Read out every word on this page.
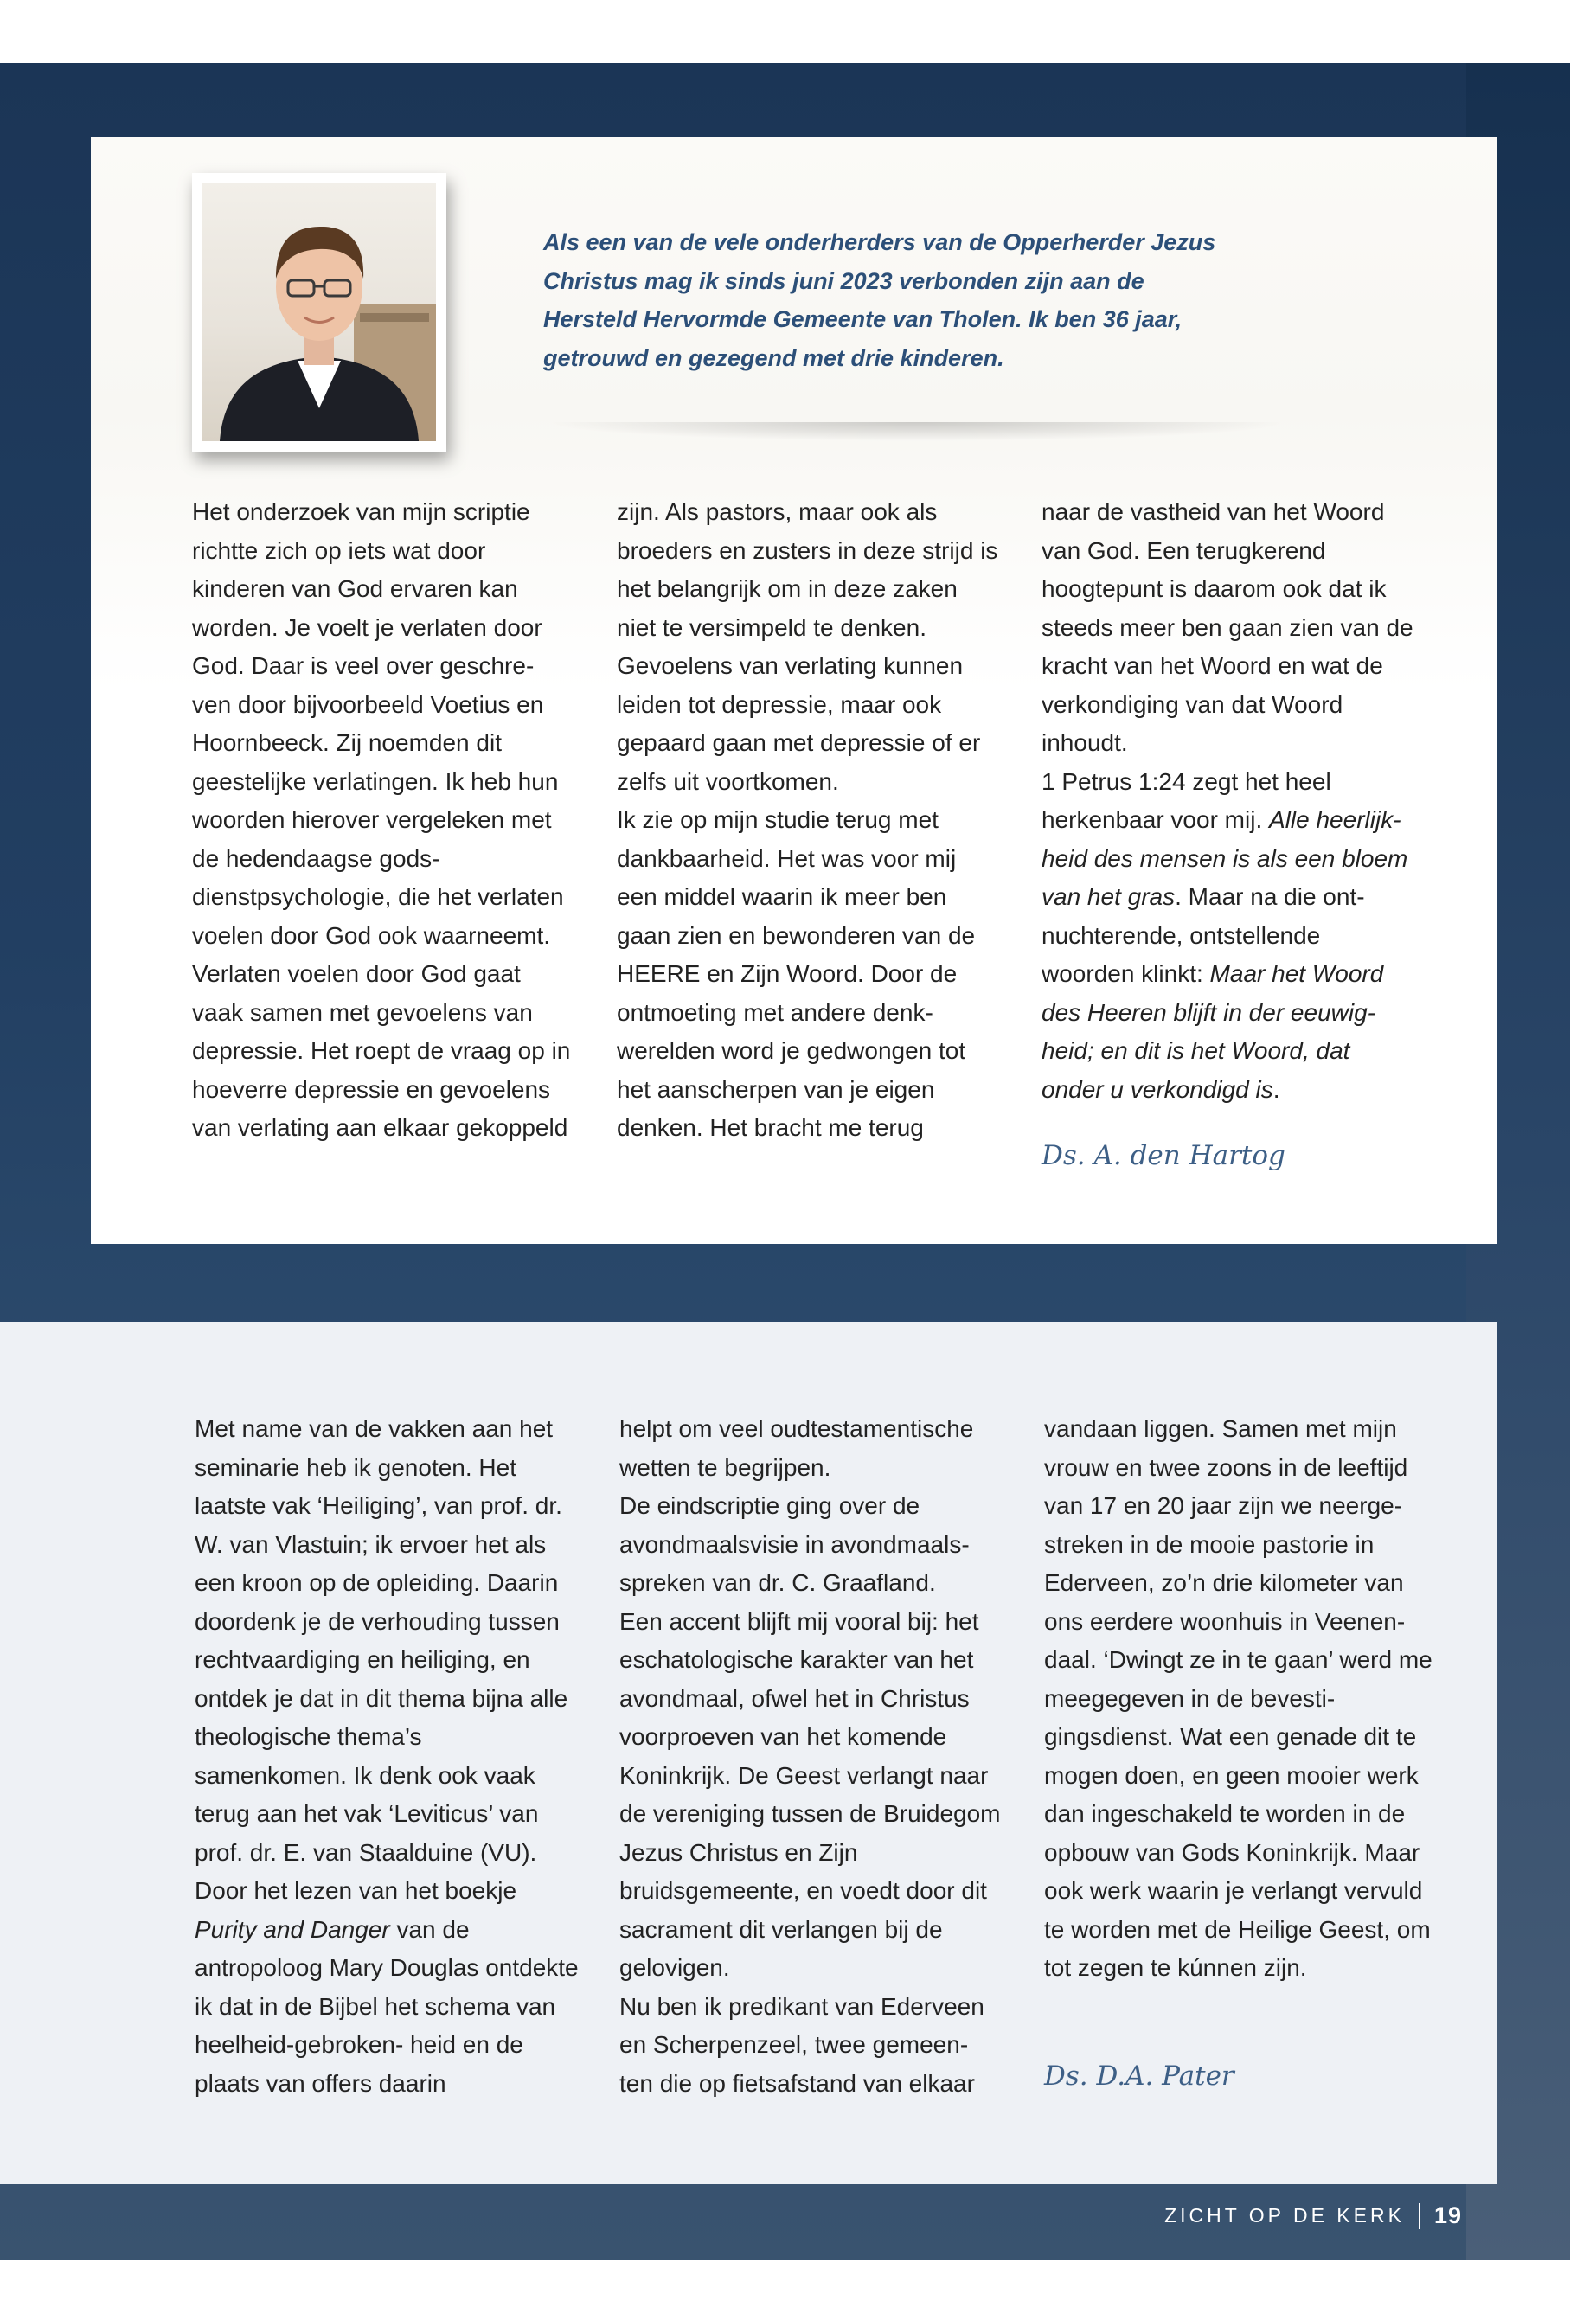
Als een van de vele onderherders van de Opperherder Jezus Christus mag ik sinds juni 2023 verbonden zijn aan de Hersteld Hervormde Gemeente van Tholen. Ik ben 36 jaar, getrouwd en gezegend met drie kinderen.

Het onderzoek van mijn scriptie richtte zich op iets wat door kinderen van God ervaren kan worden. Je voelt je verlaten door God. Daar is veel over geschre- ven door bijvoorbeeld Voetius en Hoornbeeck. Zij noemden dit geestelijke verlatingen. Ik heb hun woorden hierover vergeleken met de hedendaagse gods- dienstpsychologie, die het verlaten voelen door God ook waarneemt. Verlaten voelen door God gaat vaak samen met gevoelens van depressie. Het roept de vraag op in hoeverre depressie en gevoelens van verlating aan elkaar gekoppeld

zijn. Als pastors, maar ook als broeders en zusters in deze strijd is het belangrijk om in deze zaken niet te versimpeld te denken. Gevoelens van verlating kunnen leiden tot depressie, maar ook gepaard gaan met depressie of er zelfs uit voortkomen.

Ik zie op mijn studie terug met dankbaarheid. Het was voor mij een middel waarin ik meer ben gaan zien en bewonderen van de HEERE en Zijn Woord. Door de ontmoeting met andere denk- werelden word je gedwongen tot het aanscherpen van je eigen denken. Het bracht me terug

naar de vastheid van het Woord van God. Een terugkerend hoogtepunt is daarom ook dat ik steeds meer ben gaan zien van de kracht van het Woord en wat de verkondiging van dat Woord inhoudt.

1 Petrus 1:24 zegt het heel herkenbaar voor mij. Alle heerlijk- heid des mensen is als een bloem van het gras. Maar na die ont- nuchterende, ontstellende woorden klinkt: Maar het Woord des Heeren blijft in der eeuwig- heid; en dit is het Woord, dat onder u verkondigd is.

Ds. A. den Hartog

Met name van de vakken aan het seminarie heb ik genoten. Het laatste vak ‘Heiliging’, van prof. dr. W. van Vlastuin; ik ervoer het als een kroon op de opleiding. Daarin doordenk je de verhouding tussen rechtvaardiging en heiliging, en ontdek je dat in dit thema bijna alle theologische thema’s samenkomen. Ik denk ook vaak terug aan het vak ‘Leviticus’ van prof. dr. E. van Staalduine (VU). Door het lezen van het boekje Purity and Danger van de antropoloog Mary Douglas ontdekte ik dat in de Bijbel het schema van heelheid-gebroken- heid en de plaats van offers daarin

helpt om veel oudtestamentische wetten te begrijpen.

De eindscriptie ging over de avondmaalsvisie in avondmaals- spreken van dr. C. Graafland.

Een accent blijft mij vooral bij: het eschatologische karakter van het avondmaal, ofwel het in Christus voorproeven van het komende Koninkrijk. De Geest verlangt naar de vereniging tussen de Bruidegom Jezus Christus en Zijn bruidsgemeente, en voedt door dit sacrament dit verlangen bij de gelovigen.

Nu ben ik predikant van Ederveen en Scherpenzeel, twee gemeen- ten die op fietsafstand van elkaar

vandaan liggen. Samen met mijn vrouw en twee zoons in de leeftijd van 17 en 20 jaar zijn we neerge- streken in de mooie pastorie in Ederveen, zo’n drie kilometer van ons eerdere woonhuis in Veenen- daal. ‘Dwingt ze in te gaan’ werd me meegegeven in de bevesti- gingsdienst. Wat een genade dit te mogen doen, en geen mooier werk dan ingeschakeld te worden in de opbouw van Gods Koninkrijk. Maar ook werk waarin je verlangt vervuld te worden met de Heilige Geest, om tot zegen te kúnnen zijn.

Ds. D.A. Pater
ZICHT OP DE KERK 19
